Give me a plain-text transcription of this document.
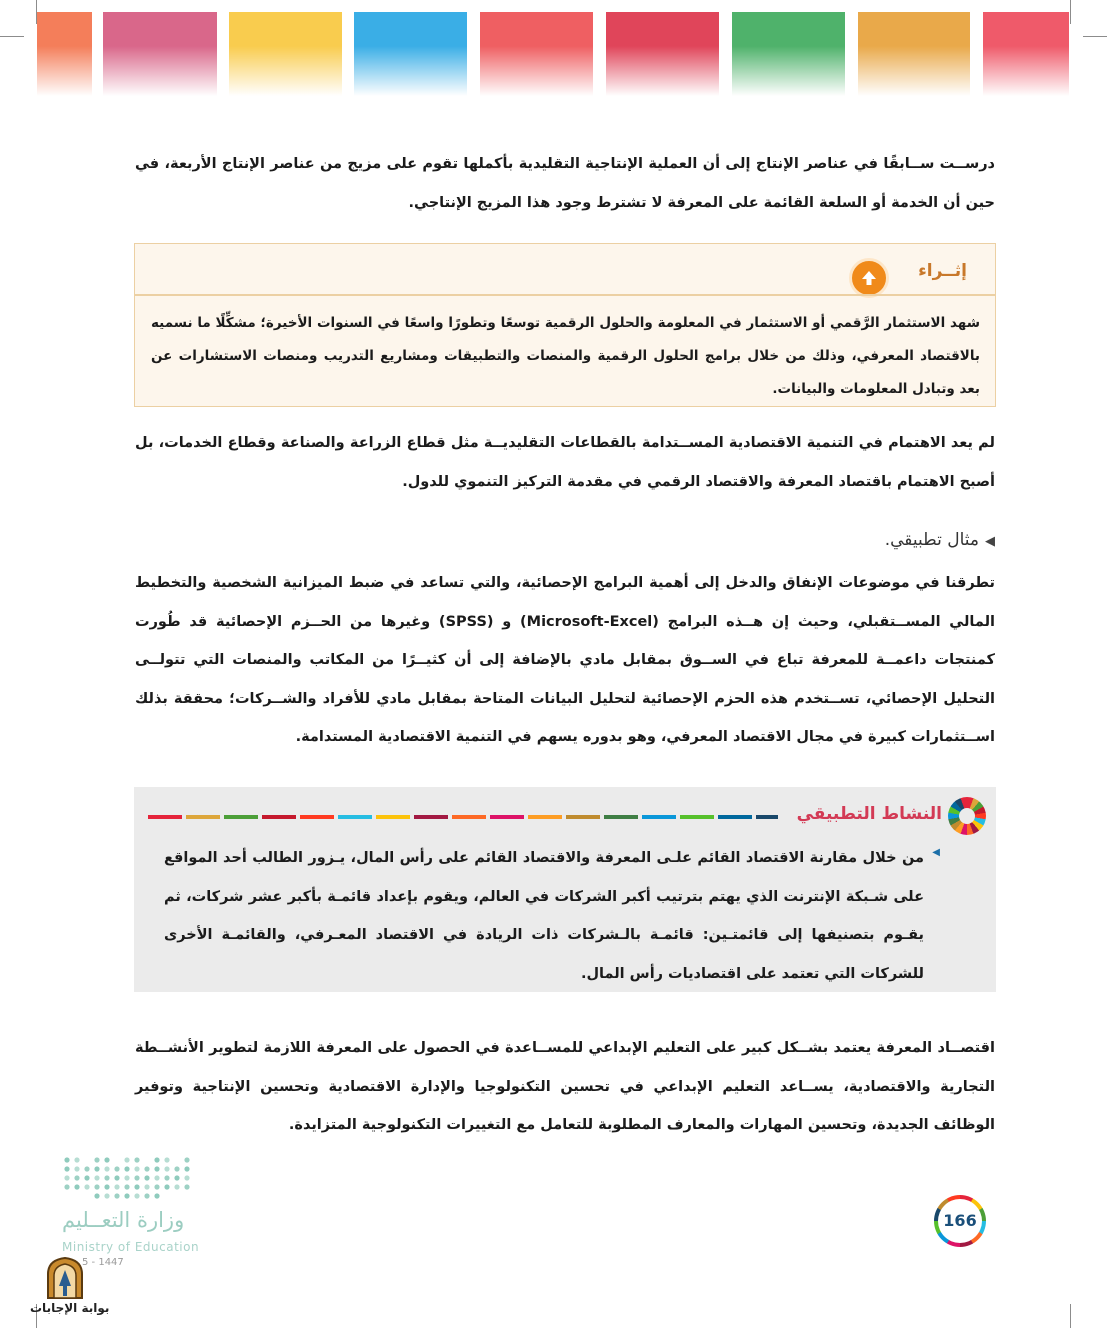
درســت ســابقًا في عناصر الإنتاج إلى أن العملية الإنتاجية التقليدية بأكملها تقوم على مزيج من عناصر الإنتاج الأربعة، في حين أن الخدمة أو السلعة القائمة على المعرفة لا تشترط وجود هذا المزيج الإنتاجي.

إثــراء

شهد الاستثمار الرَّقمي أو الاستثمار في المعلومة والحلول الرقمية توسعًا وتطورًا واسعًا في السنوات الأخيرة؛ مشكِّلًا ما نسميه بالاقتصاد المعرفي، وذلك من خلال برامج الحلول الرقمية والمنصات والتطبيقات ومشاريع التدريب ومنصات الاستشارات عن بعد وتبادل المعلومات والبيانات.

لم يعد الاهتمام في التنمية الاقتصادية المســتدامة بالقطاعات التقليديــة مثل قطاع الزراعة والصناعة وقطاع الخدمات، بل أصبح الاهتمام باقتصاد المعرفة والاقتصاد الرقمي في مقدمة التركيز التنموي للدول.

◀مثال تطبيقي.

تطرقنا في موضوعات الإنفاق والدخل إلى أهمية البرامج الإحصائية، والتي تساعد في ضبط الميزانية الشخصية والتخطيط المالي المســتقبلي، وحيث إن هــذه البرامج (Microsoft-Excel) و (SPSS) وغيرها من الحــزم الإحصائية قد طُورت كمنتجات داعمــة للمعرفة تباع في الســوق بمقابل مادي بالإضافة إلى أن كثيــرًا من المكاتب والمنصات التي تتولــى التحليل الإحصائي، تســتخدم هذه الحزم الإحصائية لتحليل البيانات المتاحة بمقابل مادي للأفراد والشــركات؛ محققة بذلك اســتثمارات كبيرة في مجال الاقتصاد المعرفي، وهو بدوره يسهم في التنمية الاقتصادية المستدامة.

النشاط التطبيقي
◀

من خلال مقارنة الاقتصاد القائم علـى المعرفة والاقتصاد القائم على رأس المال، يـزور الطالب أحد المواقع على شـبكة الإنترنت الذي يهتم بترتيب أكبر الشركات في العالم، ويقوم بإعداد قائمـة بأكبر عشر شركات، ثم يقـوم بتصنيفها إلى قائمتـين: قائمـة بالـشركات ذات الريادة في الاقتصاد المعـرفي، والقائمـة الأخرى للشركات التي تعتمد على اقتصاديات رأس المال.

اقتصــاد المعرفة يعتمد بشــكل كبير على التعليم الإبداعي للمســاعدة في الحصول على المعرفة اللازمة لتطوير الأنشــطة التجارية والاقتصادية، يســاعد التعليم الإبداعي في تحسين التكنولوجيا والإدارة الاقتصادية وتحسين الإنتاجية وتوفير الوظائف الجديدة، وتحسين المهارات والمعارف المطلوبة للتعامل مع التغييرات التكنولوجية المتزايدة.

وزارة التعــليم
Ministry of Education
5 - 1447
بوابة الإجابات
166
